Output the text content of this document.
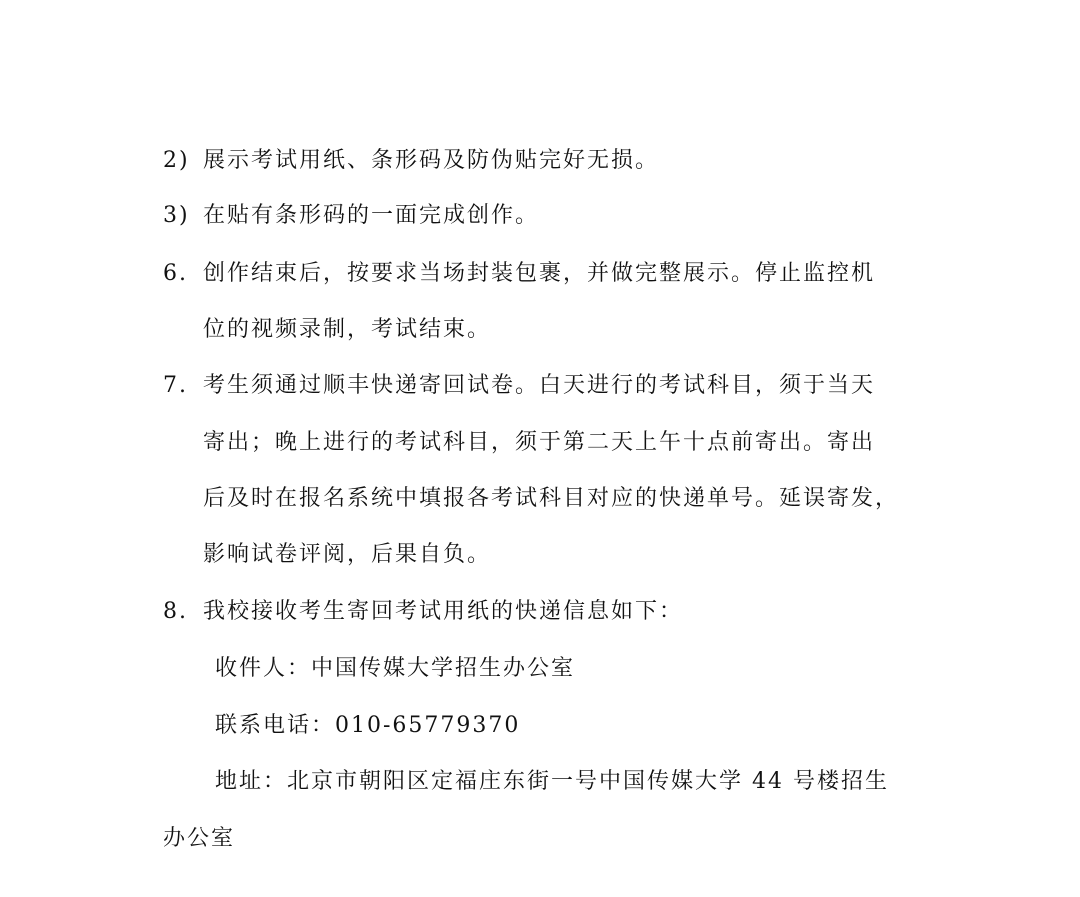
2) 展示考试用纸、条形码及防伪贴完好无损。
3) 在贴有条形码的一面完成创作。
6. 创作结束后，按要求当场封装包裹，并做完整展示。停止监控机
位的视频录制，考试结束。
7. 考生须通过顺丰快递寄回试卷。白天进行的考试科目，须于当天
寄出；晚上进行的考试科目，须于第二天上午十点前寄出。寄出
后及时在报名系统中填报各考试科目对应的快递单号。延误寄发，
影响试卷评阅，后果自负。
8. 我校接收考生寄回考试用纸的快递信息如下：
收件人：中国传媒大学招生办公室
联系电话：010-65779370
地址：北京市朝阳区定福庄东街一号中国传媒大学 44 号楼招生
办公室
